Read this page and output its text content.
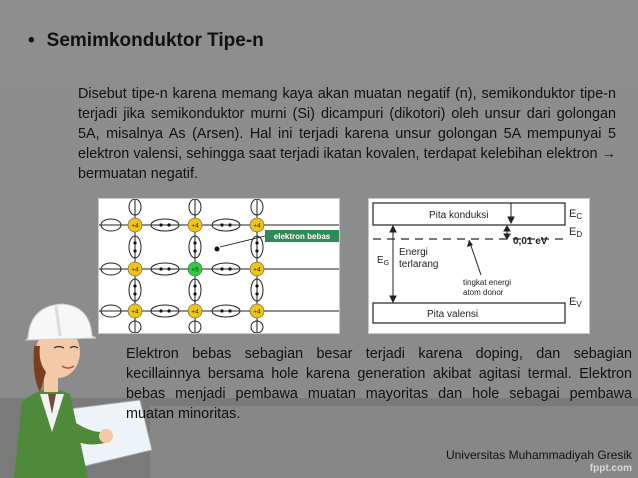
• Semimkonduktor Tipe-n
Disebut tipe-n karena memang kaya akan muatan negatif (n), semikonduktor tipe-n terjadi jika semikonduktor murni (Si) dicampuri (dikotori) oleh unsur dari golongan 5A, misalnya As (Arsen). Hal ini terjadi karena unsur golongan 5A mempunyai 5 elektron valensi, sehingga saat terjadi ikatan kovalen, terdapat kelebihan elektron → bermuatan negatif.
+4	+4	+4
+4	+5	+4
+4	+4	+4
elektron bebas
Pita konduksi
Pita valensi
$E_G$
Energi
terlarang
0,01 eV
tingkat energi
atom donor
EC
ED
EV
Elektron bebas sebagian besar terjadi karena doping, dan sebagian kecillainnya bersama hole karena generation akibat agitasi termal. Elektron bebas menjadi pembawa muatan mayoritas dan hole sebagai pembawa muatan minoritas.
Universitas Muhammadiyah Gresik
fppt.com
